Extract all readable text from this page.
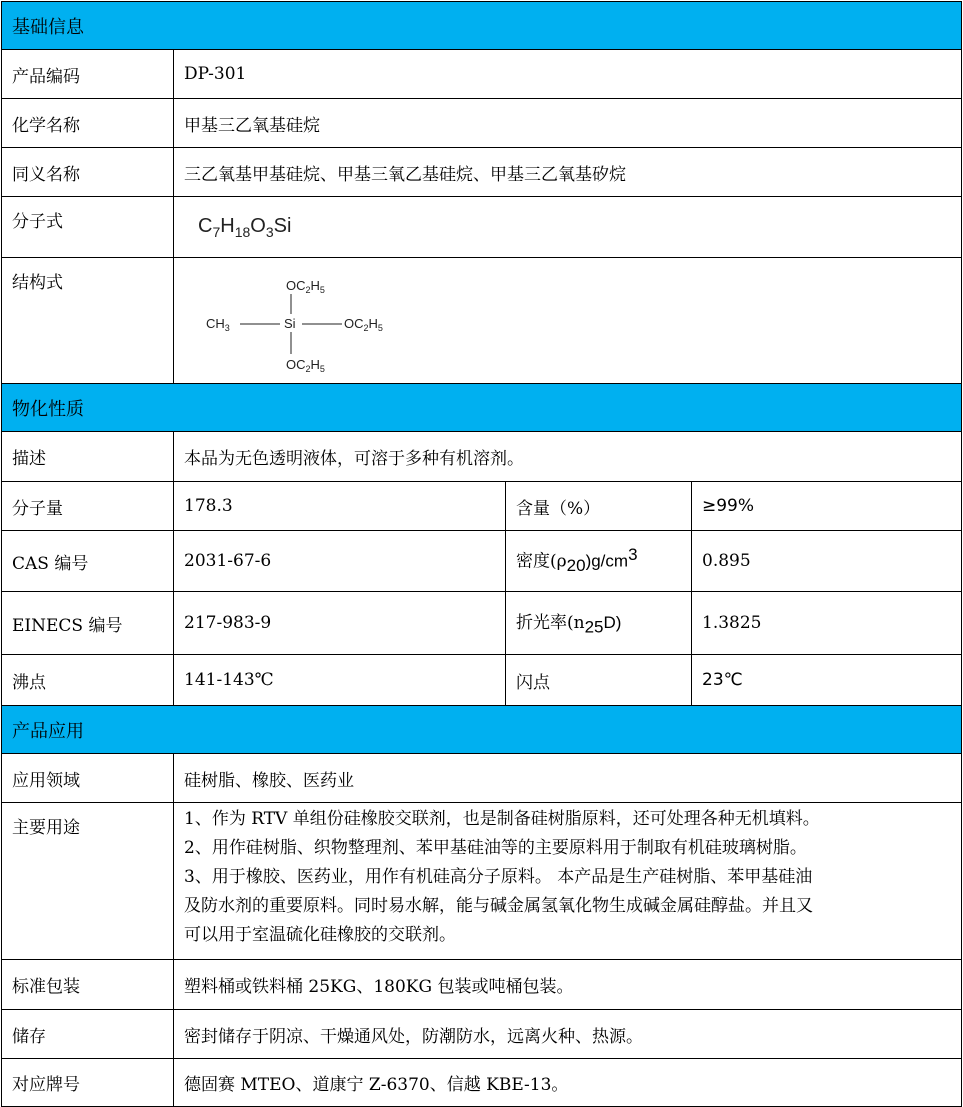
基础信息			
产品编码	DP-301		
化学名称	甲基三乙氧基硅烷		
同义名称	三乙氧基甲基硅烷、甲基三氧乙基硅烷、甲基三乙氧基矽烷		
分子式	$C_7H_{18}O_3Si$		
结构式	$OC_2H_5$
$CH_3$ Si $OC_2H_5$
$OC_2H_5$

物化性质			
描述	本品为无色透明液体，可溶于多种有机溶剂。		
分子量	178.3	含量（%）	≥99%
CAS 编号	2031-67-6	密度$(\rho_{20})g/cm^3$	0.895
EINECS 编号	217-983-9	折光率$(n_{25}D)$	1.3825
沸点	141-143℃	闪点	23℃
产品应用			
应用领域	硅树脂、橡胶、医药业		
主要用途	1、作为 RTV 单组份硅橡胶交联剂，也是制备硅树脂原料，还可处理各种无机填料。
2、用作硅树脂、织物整理剂、苯甲基硅油等的主要原料用于制取有机硅玻璃树脂。
3、用于橡胶、医药业，用作有机硅高分子原料。 本产品是生产硅树脂、苯甲基硅油
及防水剂的重要原料。同时易水解，能与碱金属氢氧化物生成碱金属硅醇盐。并且又
可以用于室温硫化硅橡胶的交联剂。		

标准包装	塑料桶或铁料桶 25KG、180KG 包装或吨桶包装。		
储存	密封储存于阴凉、干燥通风处，防潮防水，远离火种、热源。		
对应牌号	德固赛 MTEO、道康宁 Z-6370、信越 KBE-13。		
